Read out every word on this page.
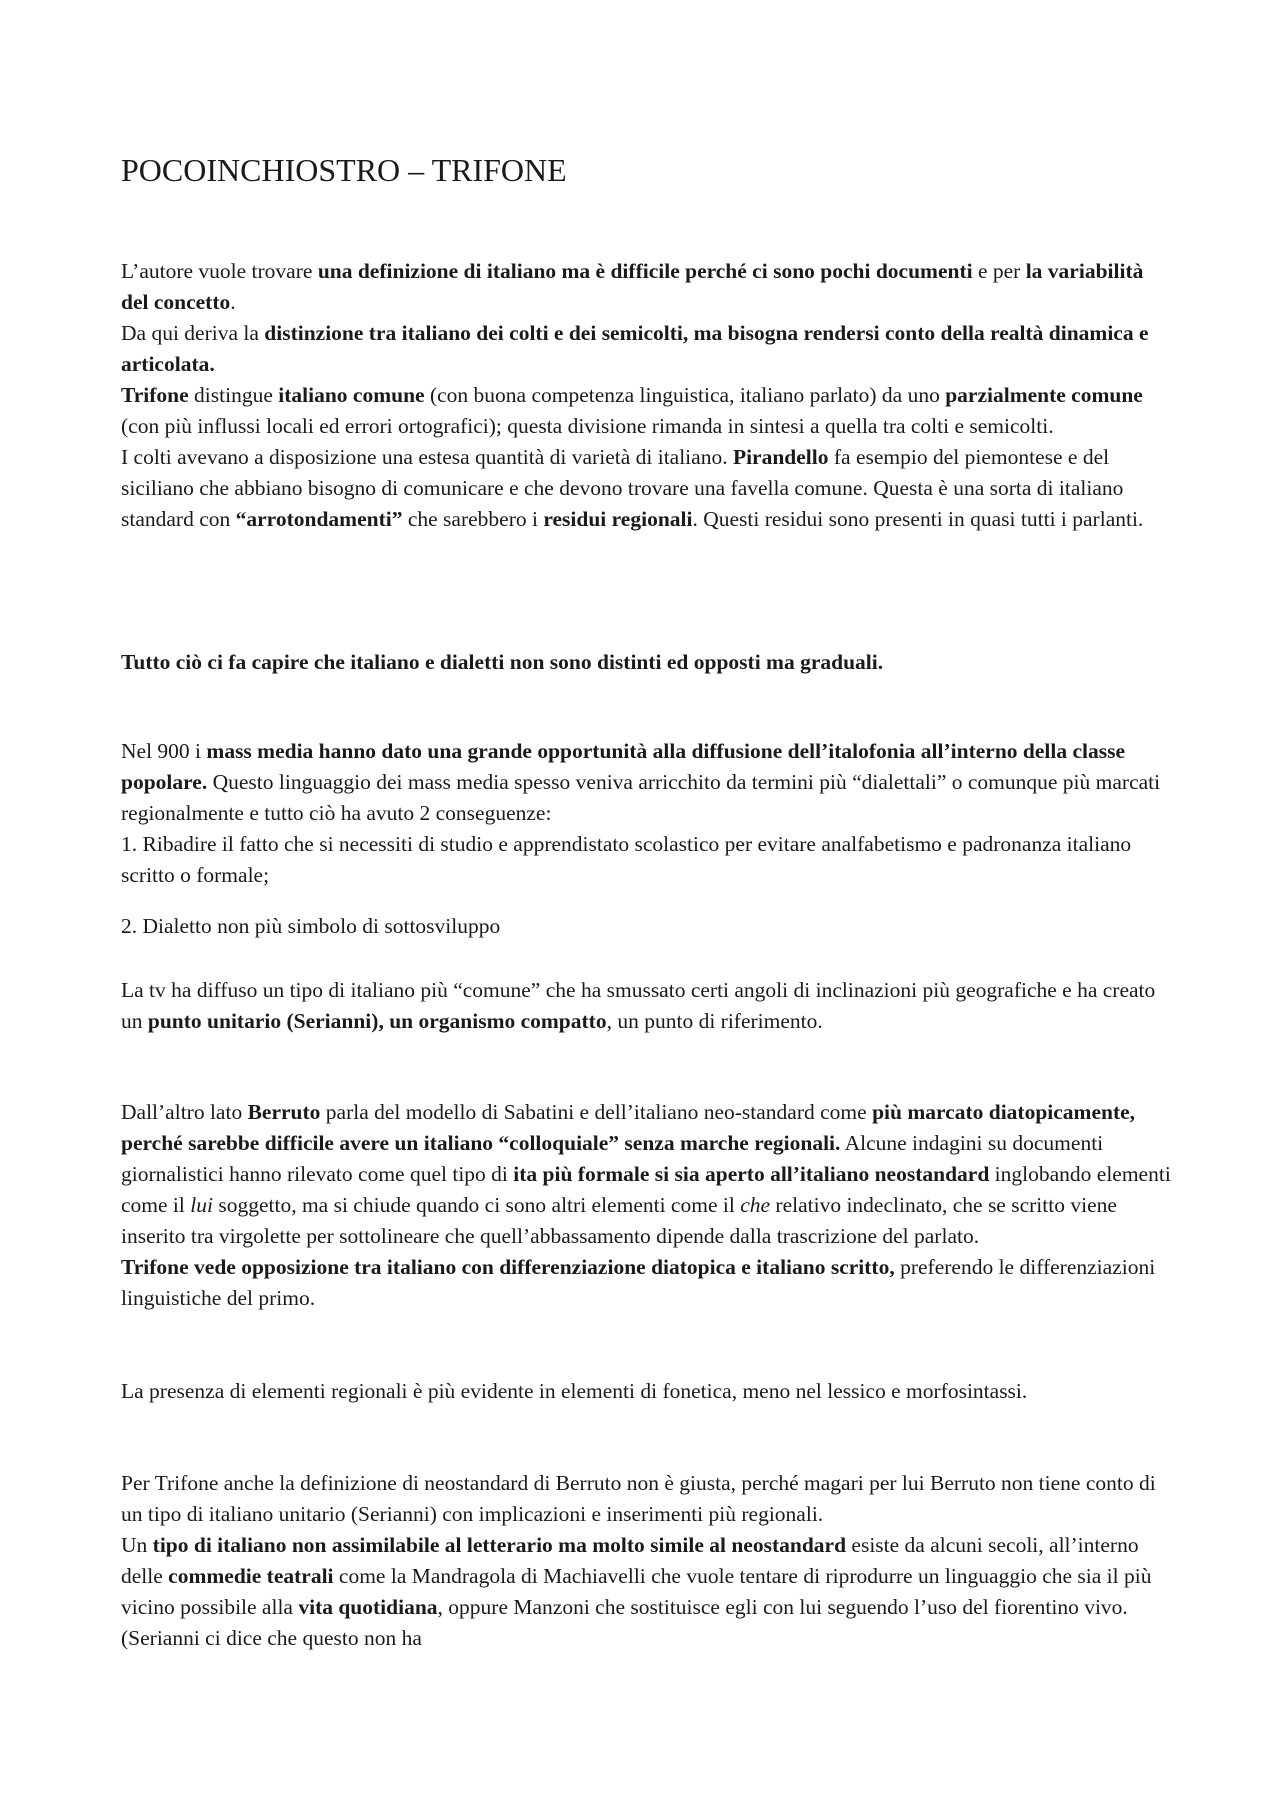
POCOINCHIOSTRO – TRIFONE

L’autore vuole trovare una definizione di italiano ma è difficile perché ci sono pochi documenti e per la variabilità del concetto.

Da qui deriva la distinzione tra italiano dei colti e dei semicolti, ma bisogna rendersi conto della realtà dinamica e articolata.

Trifone distingue italiano comune (con buona competenza linguistica, italiano parlato) da uno parzialmente comune (con più influssi locali ed errori ortografici); questa divisione rimanda in sintesi a quella tra colti e semicolti.

I colti avevano a disposizione una estesa quantità di varietà di italiano. Pirandello fa esempio del piemontese e del siciliano che abbiano bisogno di comunicare e che devono trovare una favella comune. Questa è una sorta di italiano standard con “arrotondamenti” che sarebbero i residui regionali. Questi residui sono presenti in quasi tutti i parlanti.

Tutto ciò ci fa capire che italiano e dialetti non sono distinti ed opposti ma graduali.

Nel 900 i mass media hanno dato una grande opportunità alla diffusione dell’italofonia all’interno della classe popolare. Questo linguaggio dei mass media spesso veniva arricchito da termini più “dialettali” o comunque più marcati regionalmente e tutto ciò ha avuto 2 conseguenze:

1. Ribadire il fatto che si necessiti di studio e apprendistato scolastico per evitare analfabetismo e padronanza italiano scritto o formale;

2. Dialetto non più simbolo di sottosviluppo

La tv ha diffuso un tipo di italiano più “comune” che ha smussato certi angoli di inclinazioni più geografiche e ha creato un punto unitario (Serianni), un organismo compatto, un punto di riferimento.

Dall’altro lato Berruto parla del modello di Sabatini e dell’italiano neo-standard come più marcato diatopicamente, perché sarebbe difficile avere un italiano “colloquiale” senza marche regionali. Alcune indagini su documenti giornalistici hanno rilevato come quel tipo di ita più formale si sia aperto all’italiano neostandard inglobando elementi come il lui soggetto, ma si chiude quando ci sono altri elementi come il che relativo indeclinato, che se scritto viene inserito tra virgolette per sottolineare che quell’abbassamento dipende dalla trascrizione del parlato.

Trifone vede opposizione tra italiano con differenziazione diatopica e italiano scritto, preferendo le differenziazioni linguistiche del primo.

La presenza di elementi regionali è più evidente in elementi di fonetica, meno nel lessico e morfosintassi.

Per Trifone anche la definizione di neostandard di Berruto non è giusta, perché magari per lui Berruto non tiene conto di un tipo di italiano unitario (Serianni) con implicazioni e inserimenti più regionali.

Un tipo di italiano non assimilabile al letterario ma molto simile al neostandard esiste da alcuni secoli, all’interno delle commedie teatrali come la Mandragola di Machiavelli che vuole tentare di riprodurre un linguaggio che sia il più vicino possibile alla vita quotidiana, oppure Manzoni che sostituisce egli con lui seguendo l’uso del fiorentino vivo. (Serianni ci dice che questo non ha
